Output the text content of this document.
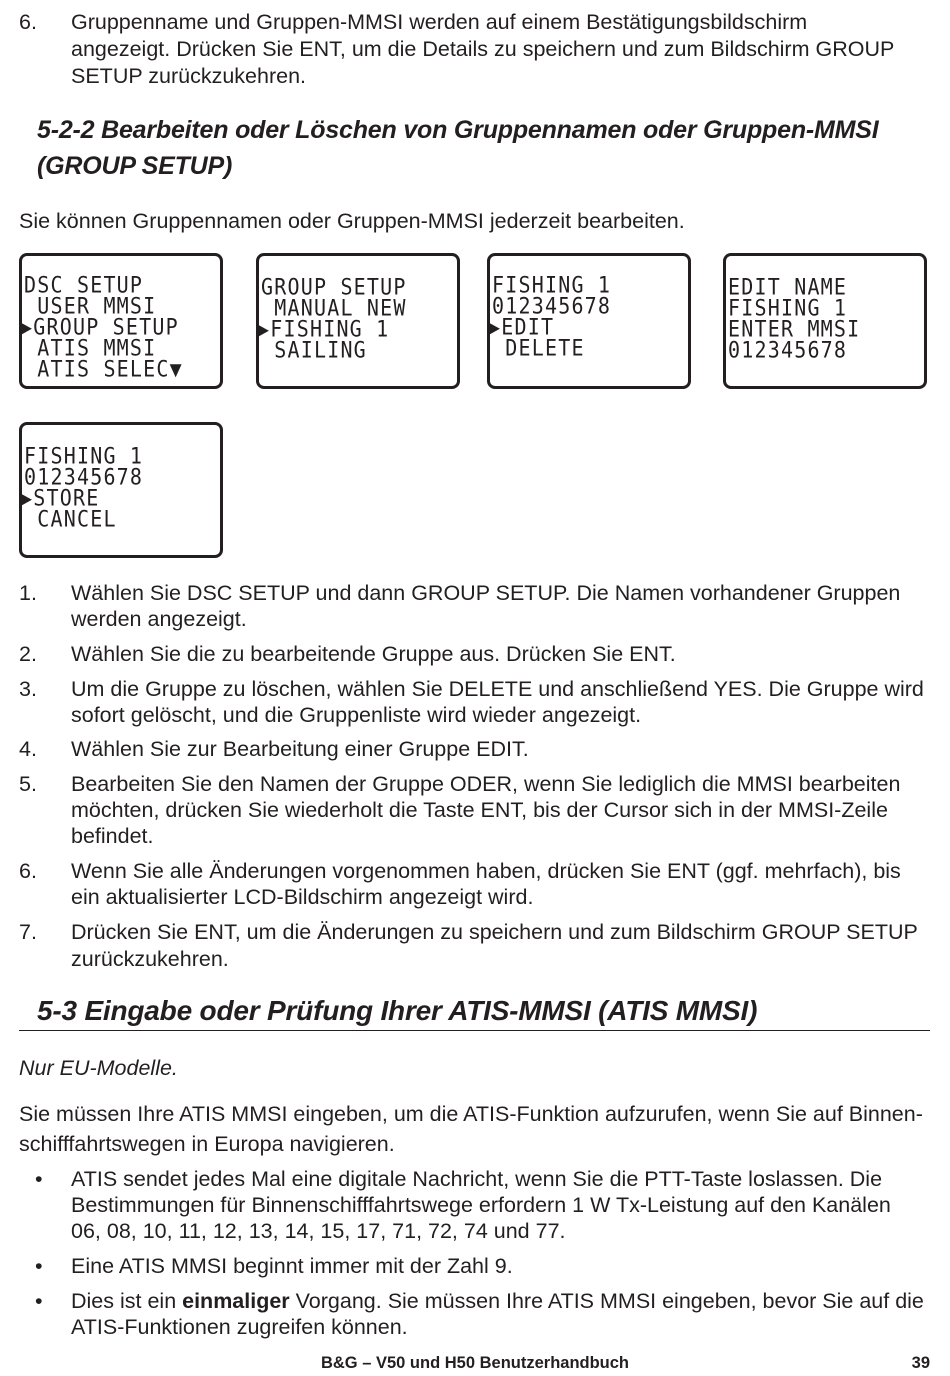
6.	Gruppenname und Gruppen-MMSI werden auf einem Bestätigungsbildschirm
angezeigt. Drücken Sie ENT, um die Details zu speichern und zum Bildschirm GROUP
SETUP zurückzukehren.
5-2-2 Bearbeiten oder Löschen von Gruppennamen oder Gruppen-MMSI
(GROUP SETUP)
Sie können Gruppennamen oder Gruppen-MMSI jederzeit bearbeiten.
DSC SETUP
USER MMSI
▶GROUP SETUP
ATIS MMSI
ATIS SELEC▼
GROUP SETUP
MANUAL NEW
▶FISHING 1
SAILING
FISHING 1
012345678
▶EDIT
DELETE
EDIT NAME
FISHING 1
ENTER MMSI
012345678
FISHING 1
012345678
▶STORE
CANCEL
1.	Wählen Sie DSC SETUP und dann GROUP SETUP. Die Namen vorhandener Gruppen
werden angezeigt.
2.	Wählen Sie die zu bearbeitende Gruppe aus. Drücken Sie ENT.
3.	Um die Gruppe zu löschen, wählen Sie DELETE und anschließend YES. Die Gruppe wird
sofort gelöscht, und die Gruppenliste wird wieder angezeigt.
4.	Wählen Sie zur Bearbeitung einer Gruppe EDIT.
5.	Bearbeiten Sie den Namen der Gruppe ODER, wenn Sie lediglich die MMSI bearbeiten
möchten, drücken Sie wiederholt die Taste ENT, bis der Cursor sich in der MMSI-Zeile
befindet.
6.	Wenn Sie alle Änderungen vorgenommen haben, drücken Sie ENT (ggf. mehrfach), bis
ein aktualisierter LCD-Bildschirm angezeigt wird.
7.	Drücken Sie ENT, um die Änderungen zu speichern und zum Bildschirm GROUP SETUP
zurückzukehren.
5-3 Eingabe oder Prüfung Ihrer ATIS-MMSI (ATIS MMSI)
Nur EU-Modelle.
Sie müssen Ihre ATIS MMSI eingeben, um die ATIS-Funktion aufzurufen, wenn Sie auf Binnen-
schifffahrtswegen in Europa navigieren.
• ATIS sendet jedes Mal eine digitale Nachricht, wenn Sie die PTT-Taste loslassen. Die
Bestimmungen für Binnenschifffahrtswege erfordern 1 W Tx-Leistung auf den Kanälen
06, 08, 10, 11, 12, 13, 14, 15, 17, 71, 72, 74 und 77.
• Eine ATIS MMSI beginnt immer mit der Zahl 9.
• Dies ist ein einmaliger Vorgang. Sie müssen Ihre ATIS MMSI eingeben, bevor Sie auf die
ATIS-Funktionen zugreifen können.
B&G – V50 und H50 Benutzerhandbuch	39
